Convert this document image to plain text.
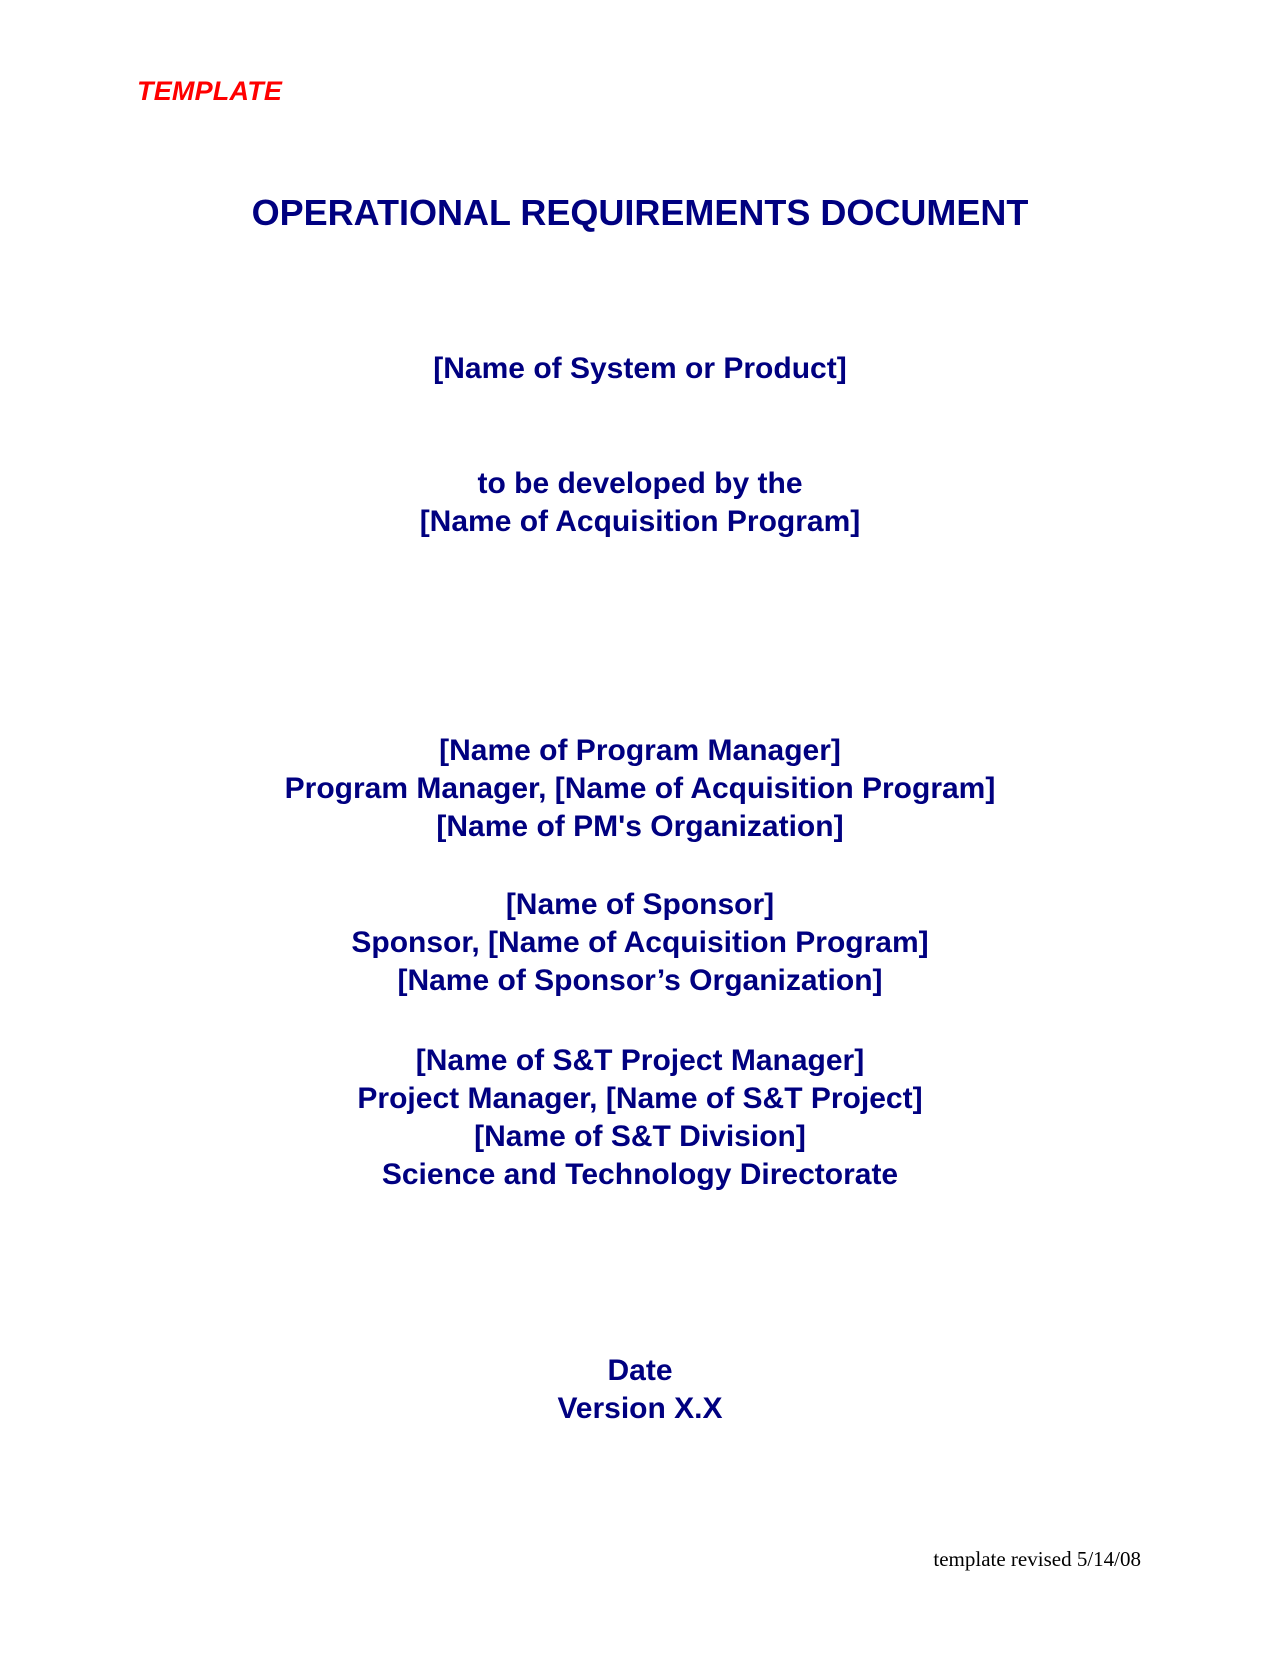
TEMPLATE
OPERATIONAL REQUIREMENTS DOCUMENT
[Name of System or Product]
to be developed by the
[Name of Acquisition Program]
[Name of Program Manager]
Program Manager, [Name of Acquisition Program]
[Name of PM's Organization]
[Name of Sponsor]
Sponsor, [Name of Acquisition Program]
[Name of Sponsor’s Organization]
[Name of S&T Project Manager]
Project Manager, [Name of S&T Project]
[Name of S&T Division]
Science and Technology Directorate
Date
Version X.X
template revised 5/14/08
